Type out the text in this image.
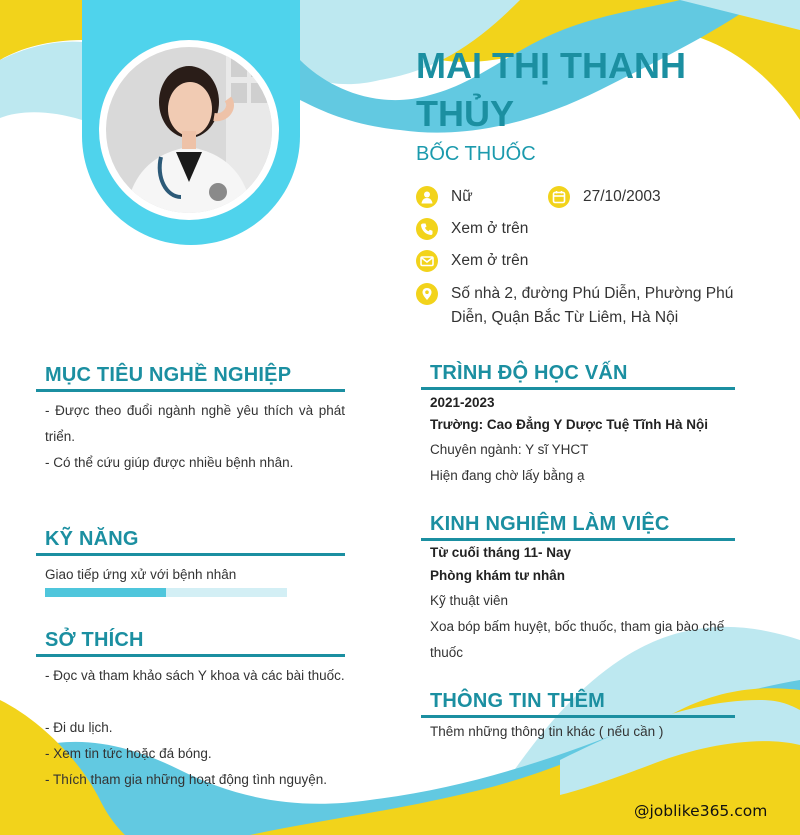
MAI THỊ THANH THỦY
BỐC THUỐC
Nữ	27/10/2003
Xem ở trên
Xem ở trên
Số nhà 2, đường Phú Diễn, Phường Phú Diễn, Quận Bắc Từ Liêm, Hà Nội
MỤC TIÊU NGHỀ NGHIỆP
- Được theo đuổi ngành nghề yêu thích và phát triển.
- Có thể cứu giúp được nhiều bệnh nhân.
KỸ NĂNG
Giao tiếp ứng xử với bệnh nhân
SỞ THÍCH
- Đọc và tham khảo sách Y khoa và các bài thuốc.
- Đi du lịch.
- Xem tin tức hoặc đá bóng.
- Thích tham gia những hoạt động tình nguyện.
TRÌNH ĐỘ HỌC VẤN
2021-2023
Trường: Cao Đẳng Y Dược Tuệ Tĩnh Hà Nội
Chuyên ngành: Y sĩ YHCT
Hiện đang chờ lấy bằng ạ
KINH NGHIỆM LÀM VIỆC
Từ cuối tháng 11- Nay
Phòng khám tư nhân
Kỹ thuật viên
Xoa bóp bấm huyệt, bốc thuốc, tham gia bào chế thuốc
THÔNG TIN THÊM
Thêm những thông tin khác ( nếu cần )
@joblike365.com
